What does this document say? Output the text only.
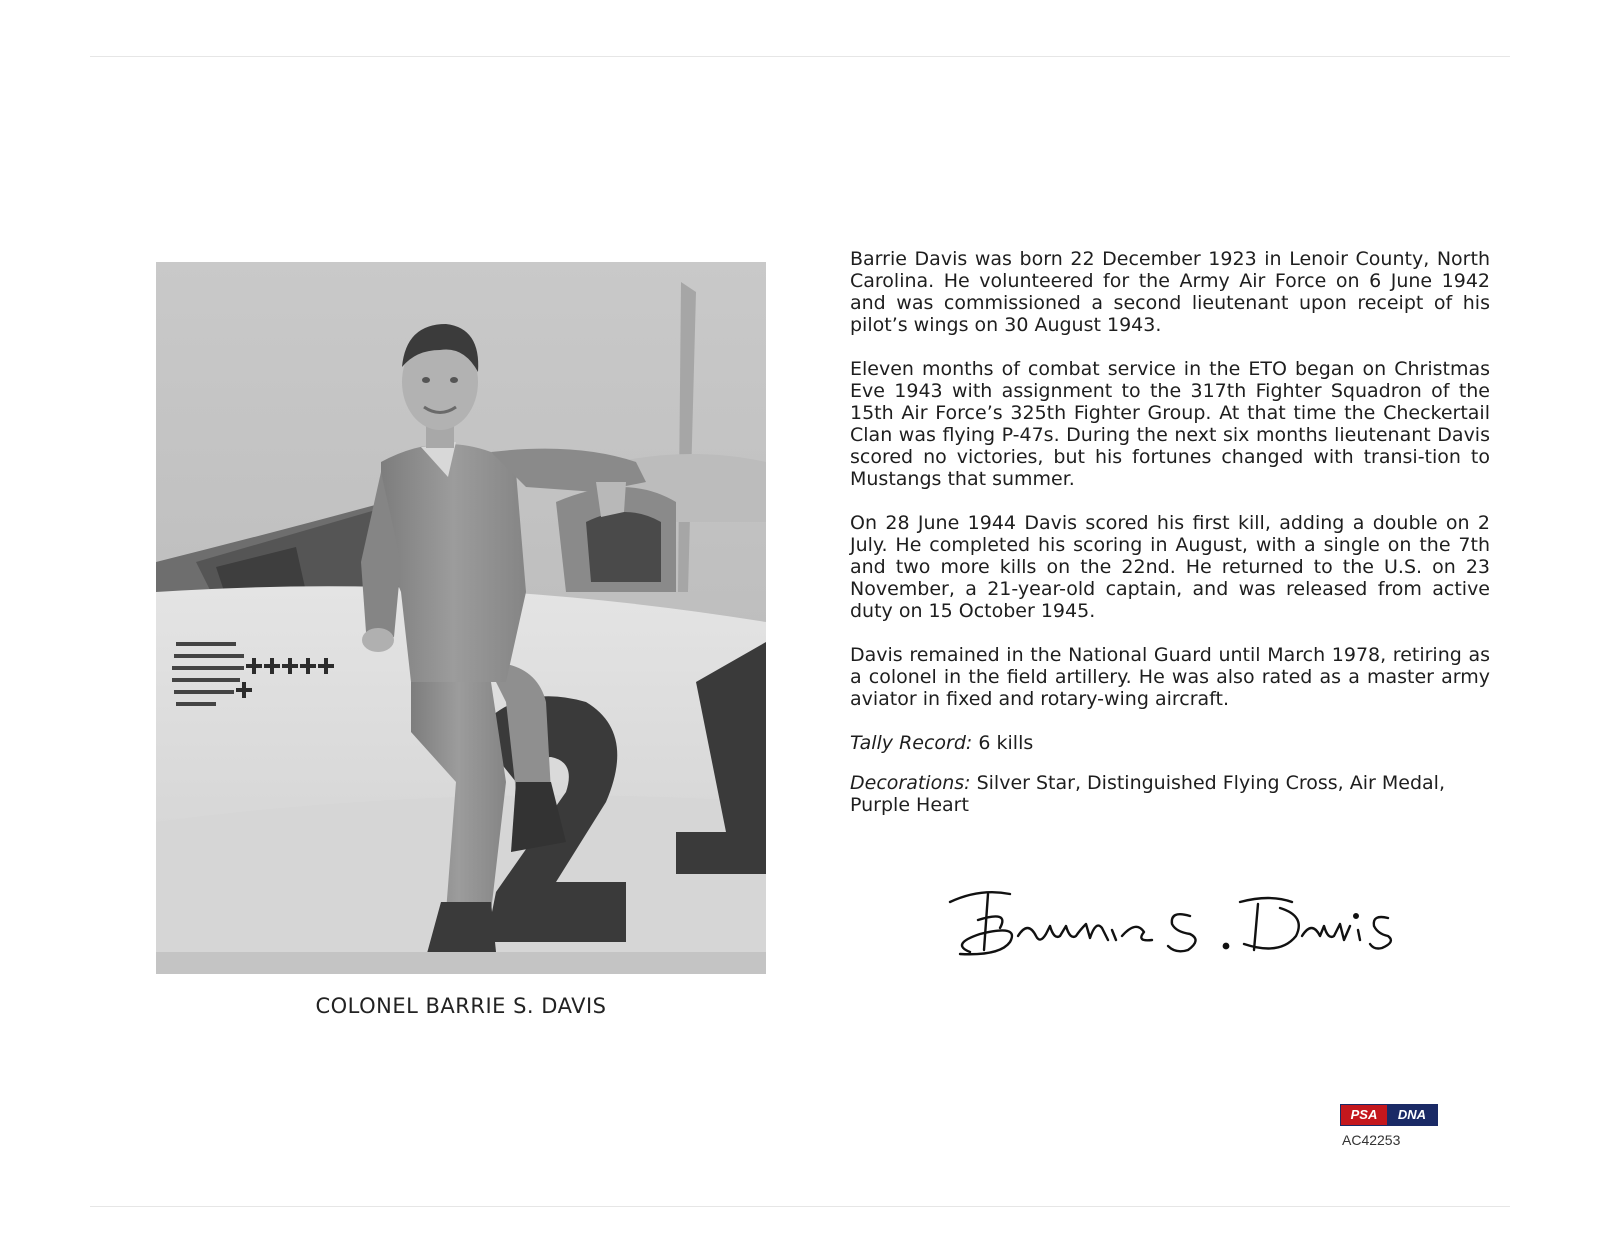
COLONEL BARRIE S. DAVIS

Barrie Davis was born 22 December 1923 in Lenoir County, North Carolina. He volunteered for the Army Air Force on 6 June 1942 and was commissioned a second lieutenant upon receipt of his pilot’s wings on 30 August 1943.

Eleven months of combat service in the ETO began on Christmas Eve 1943 with assignment to the 317th Fighter Squadron of the 15th Air Force’s 325th Fighter Group. At that time the Checkertail Clan was flying P-47s. During the next six months lieutenant Davis scored no victories, but his fortunes changed with transi-tion to Mustangs that summer.

On 28 June 1944 Davis scored his first kill, adding a double on 2 July. He completed his scoring in August, with a single on the 7th and two more kills on the 22nd. He returned to the U.S. on 23 November, a 21-year-old captain, and was released from active duty on 15 October 1945.

Davis remained in the National Guard until March 1978, retiring as a colonel in the field artillery. He was also rated as a master army aviator in fixed and rotary-wing aircraft.

Tally Record: 6 kills
Decorations: Silver Star, Distinguished Flying Cross, Air Medal, Purple Heart
PSA	DNA
AC42253
